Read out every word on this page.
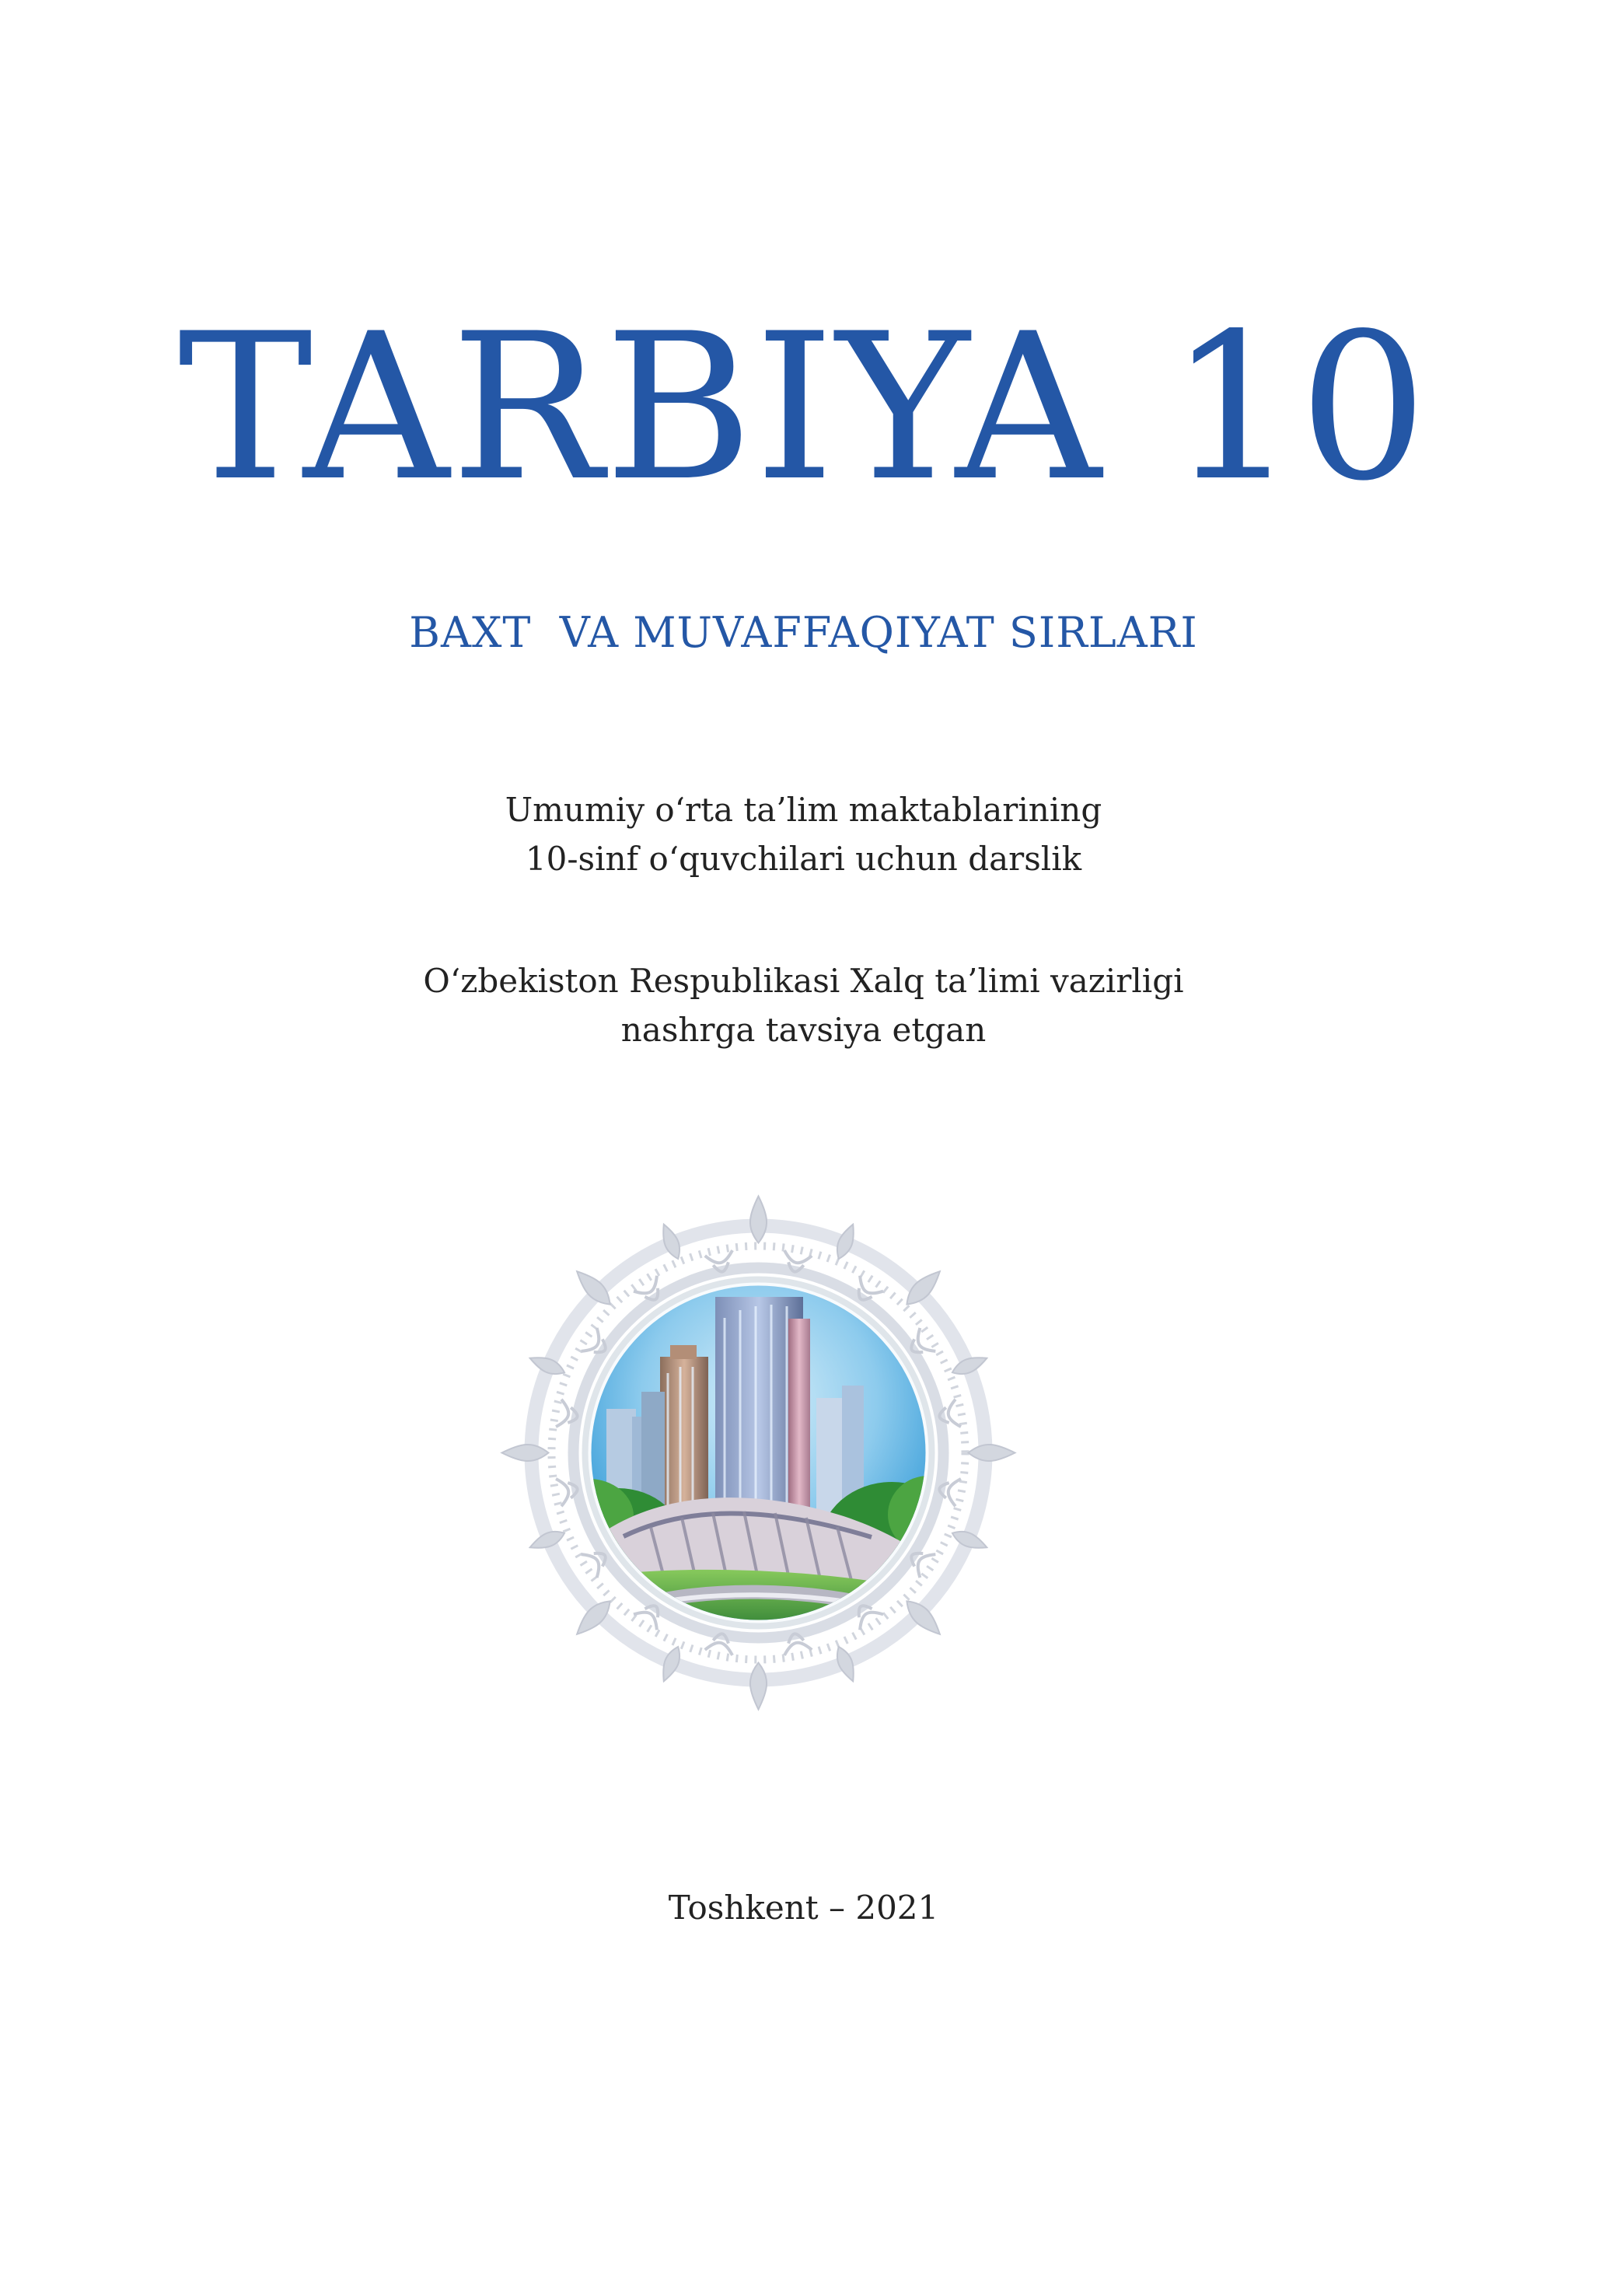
TARBIYA 10
BAXT  VA MUVAFFAQIYAT SIRLARI
Umumiy o‘rta ta’lim maktablarining
10-sinf o‘quvchilari uchun darslik
O‘zbekiston Respublikasi Xalq ta’limi vazirligi
nashrga tavsiya etgan
Toshkent – 2021
